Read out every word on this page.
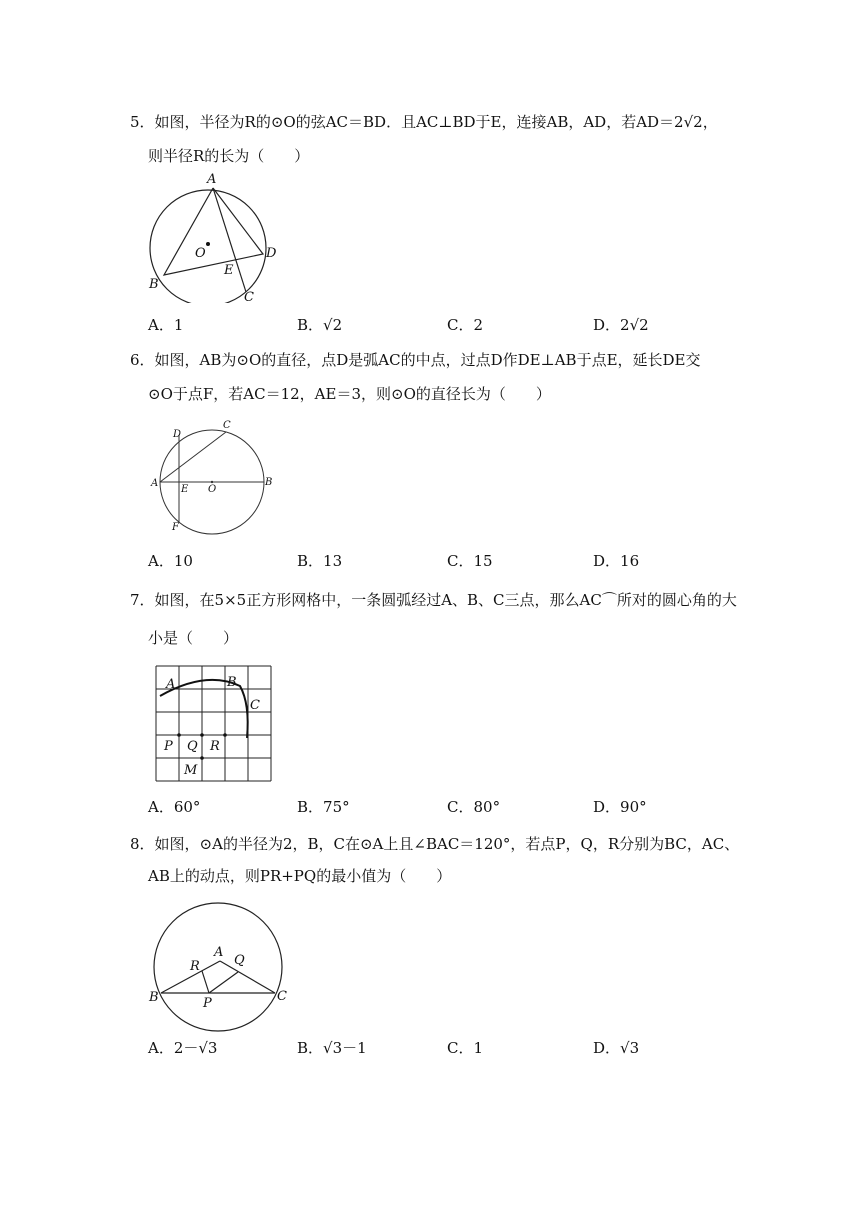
5．如图，半径为R的⊙O的弦AC＝BD．且AC⊥BD于E，连接AB，AD，若AD＝2√2，
则半径R的长为（　　）
A
O	D
E
B
C
A．1	B．√2	C．2	D．2√2
6．如图，AB为⊙O的直径，点D是弧AC的中点，过点D作DE⊥AB于点E，延长DE交
⊙O于点F，若AC＝12，AE＝3，则⊙O的直径长为（　　）
C
D
A
E O
B
F
A．10	B．13	C．15	D．16
7．如图，在5×5正方形网格中，一条圆弧经过A、B、C三点，那么AC⌒所对的圆心角的大
小是（　　）
A	B
C
P Q R
M
A．60°	B．75°	C．80°	D．90°
8．如图，⊙A的半径为2，B，C在⊙A上且∠BAC＝120°，若点P，Q，R分别为BC，AC、
AB上的动点，则PR+PQ的最小值为（　　）
A
R	Q
B	P	C
A．2－√3	B．√3－1	C．1	D．√3
